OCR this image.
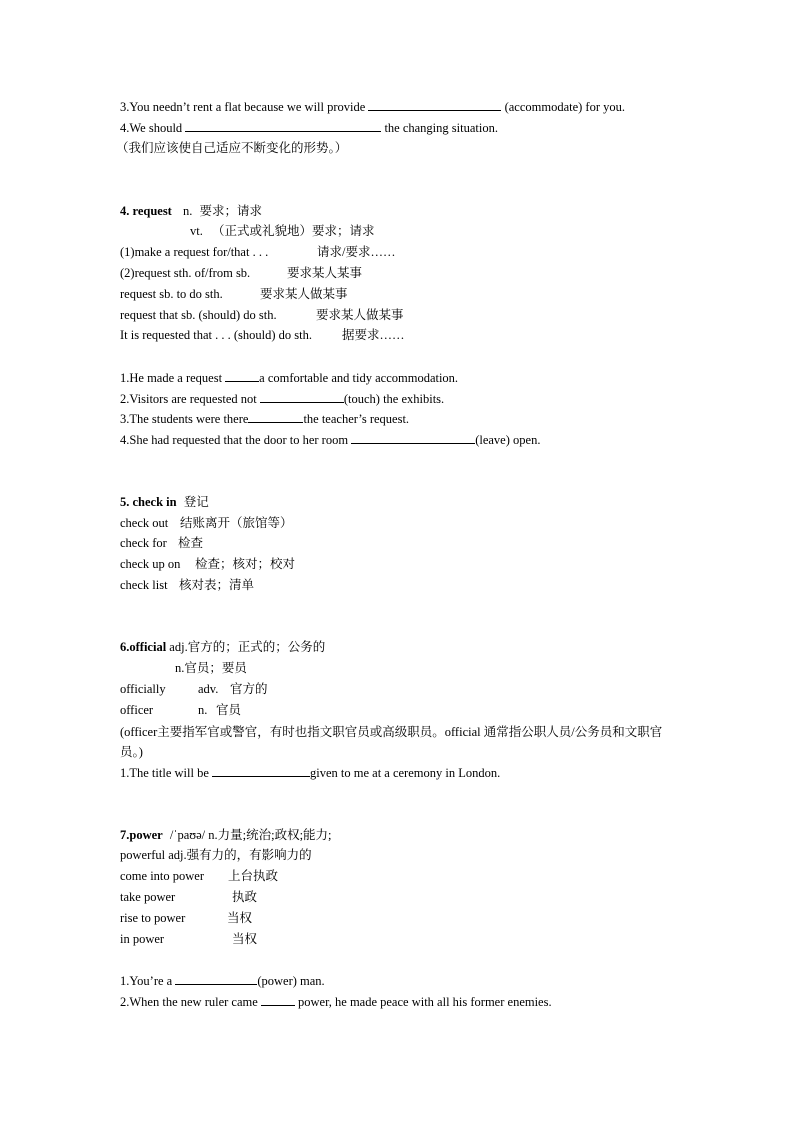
3.You needn’t rent a flat because we will provide	(accommodate) for you.
4.We should	the changing situation.
（我们应该使自己适应不断变化的形势。）
4. request n. 要求；请求
vt. （正式或礼貌地）要求；请求
(1)make a request for/that . . .	请求/要求……
(2)request sth. of/from sb.	要求某人某事
request sb. to do sth.	要求某人做某事
request that sb. (should) do sth.	要求某人做某事
It is requested that . . . (should) do sth. 据要求……
1.He made a request	a comfortable and tidy accommodation.
2.Visitors are requested not	(touch) the exhibits.
3.The students were there	the teacher’s request.
4.She had requested that the door to her room	(leave) open.
5. check in 登记
check out 结账离开（旅馆等）
check for 检查
check up on 检查；核对；校对
check list 核对表；清单
6.official adj.官方的；正式的；公务的
n.官员；要员
officially	adv. 官方的
officer	n. 官员
(officer主要指军官或警官，有时也指文职官员或高级职员。official 通常指公职人员/公务员和文职官员。)
1.The title will be	given to me at a ceremony in London.
7.power /ˈpaʊə/ n.力量;统治;政权;能力;
powerful adj.强有力的，有影响力的
come into power 上台执政
take power	执政
rise to power	当权
in power	当权
1.You’re a	(power) man.
2.When the new ruler came	power, he made peace with all his former enemies.
